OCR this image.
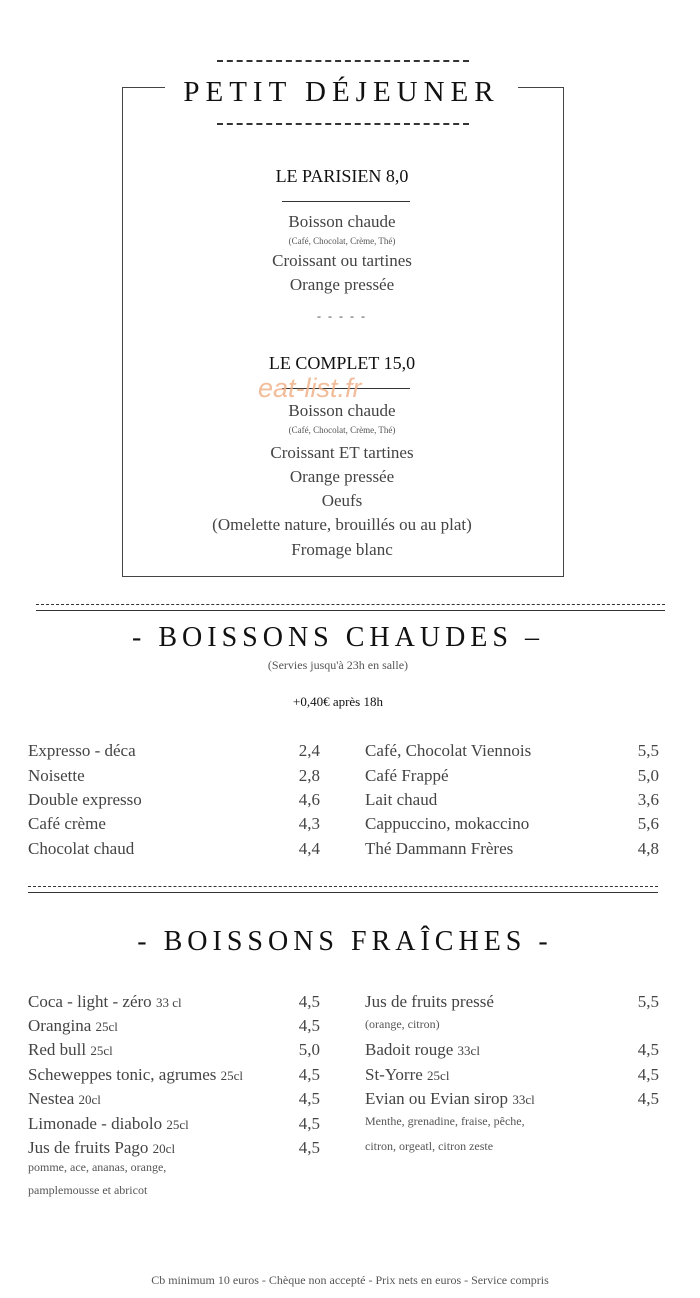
PETIT DÉJEUNER
LE PARISIEN 8,0
Boisson chaude
(Café, Chocolat, Crème, Thé)
Croissant ou tartines
Orange pressée
- - - - -
LE COMPLET 15,0
eat-list.fr
Boisson chaude
(Café, Chocolat, Crème, Thé)
Croissant ET tartines
Orange pressée
Oeufs
(Omelette nature, brouillés ou au plat)
Fromage blanc
- BOISSONS CHAUDES –
(Servies jusqu'à 23h en salle)
+0,40€ après 18h
Expresso - déca	2,4
Noisette	2,8
Double expresso	4,6
Café crème	4,3
Chocolat chaud	4,4
Café, Chocolat Viennois	5,5
Café Frappé	5,0
Lait chaud	3,6
Cappuccino, mokaccino	5,6
Thé Dammann Frères	4,8
- BOISSONS FRAÎCHES -
Coca - light - zéro 33 cl	4,5
Orangina 25cl	4,5
Red bull 25cl	5,0
Scheweppes tonic, agrumes 25cl	4,5
Nestea 20cl	4,5
Limonade - diabolo 25cl	4,5
Jus de fruits Pago 20cl	4,5
pomme, ace, ananas, orange,
pamplemousse et abricot
Jus de fruits pressé	5,5
(orange, citron)
Badoit rouge 33cl	4,5
St-Yorre 25cl	4,5
Evian ou Evian sirop 33cl	4,5
Menthe, grenadine, fraise, pêche,
citron, orgeatl, citron zeste
Cb minimum 10 euros - Chèque non accepté - Prix nets en euros - Service compris
